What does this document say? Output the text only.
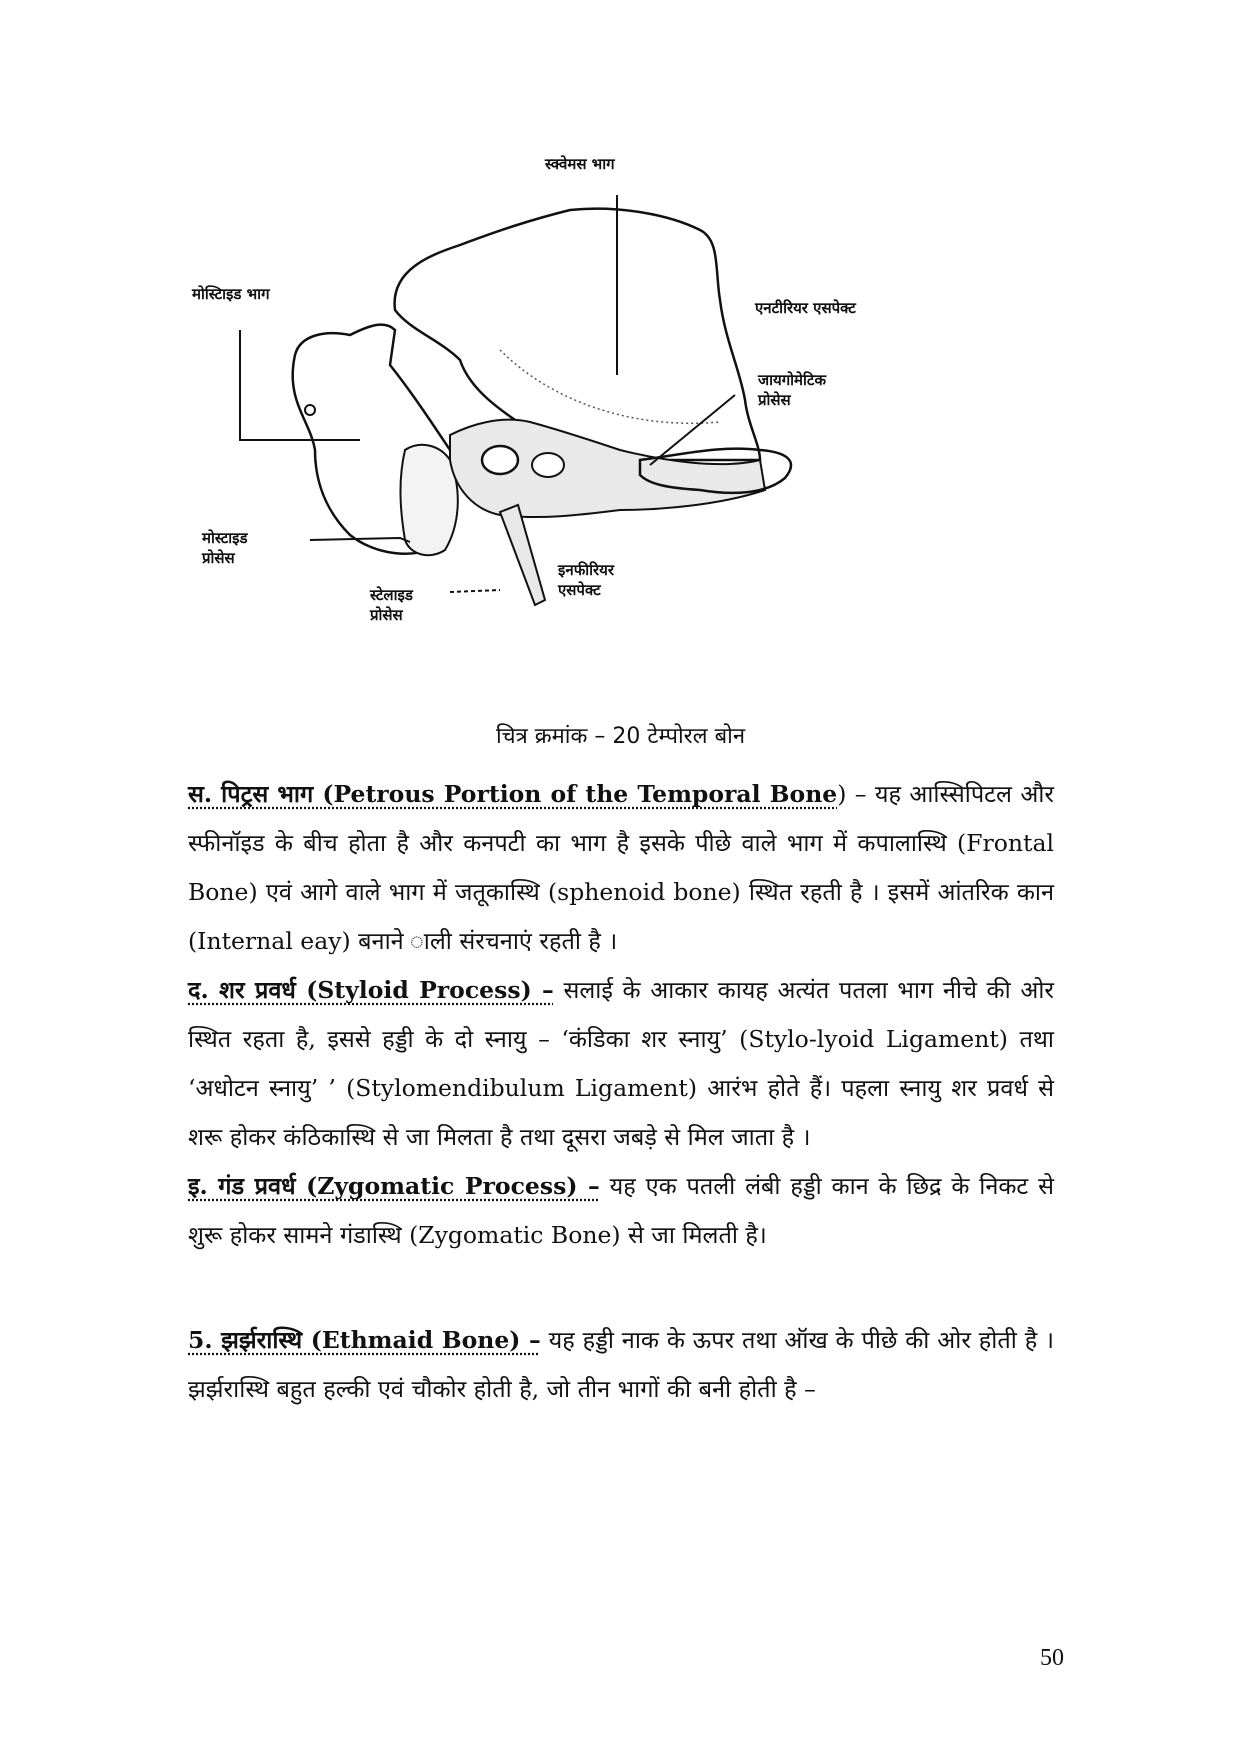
स्क्वेमस भाग
मोस्टिाइड भाग
एनटीरियर एसपेक्ट
जायगोमेटिक
प्रोसेस
मोस्टाइड
प्रोसेस
इनफीरियर
एसपेक्ट
स्टेलाइड
प्रोसेस
चित्र क्रमांक – 20 टेम्पोरल बोन

स. पिट्रस भाग (Petrous Portion of the Temporal Bone) – यह आस्सिपिटल और स्फीनॉइड के बीच होता है और कनपटी का भाग है इसके पीछे वाले भाग में कपालास्थि (Frontal Bone) एवं आगे वाले भाग में जतूकास्थि (sphenoid bone) स्थित रहती है । इसमें आंतरिक कान (Internal eay) बनाने ाली संरचनाएं रहती है ।

द. शर प्रवर्ध (Styloid Process) – सलाई के आकार कायह अत्यंत पतला भाग नीचे की ओर स्थित रहता है, इससे हड्डी के दो स्नायु – ‘कंडिका शर स्नायु’ (Stylo-lyoid Ligament) तथा ‘अधोटन स्नायु’ ’ (Stylomendibulum Ligament) आरंभ होते हैं। पहला स्नायु शर प्रवर्ध से शरू होकर कंठिकास्थि से जा मिलता है तथा दूसरा जबड़े से मिल जाता है ।

इ. गंड प्रवर्ध (Zygomatic Process) – यह एक पतली लंबी हड्डी कान के छिद्र के निकट से शुरू होकर सामने गंडास्थि (Zygomatic Bone) से जा मिलती है।

5. झर्झरास्थि (Ethmaid Bone) – यह हड्डी नाक के ऊपर तथा ऑख के पीछे की ओर होती है । झर्झरास्थि बहुत हल्की एवं चौकोर होती है, जो तीन भागों की बनी होती है –

50
